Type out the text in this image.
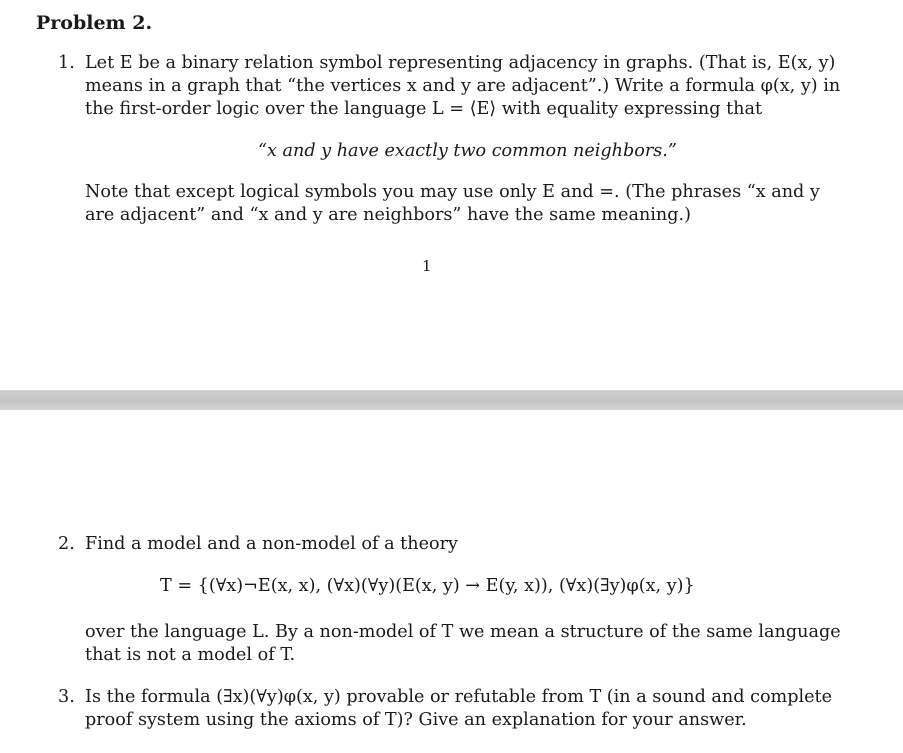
Problem 2.
1. Let E be a binary relation symbol representing adjacency in graphs. (That is, E(x, y)
means in a graph that “the vertices x and y are adjacent”.) Write a formula φ(x, y) in
the first-order logic over the language L = ⟨E⟩ with equality expressing that
“x and y have exactly two common neighbors.”
Note that except logical symbols you may use only E and =. (The phrases “x and y
are adjacent” and “x and y are neighbors” have the same meaning.)
1
2. Find a model and a non-model of a theory
T = {(∀x)¬E(x, x), (∀x)(∀y)(E(x, y) → E(y, x)), (∀x)(∃y)φ(x, y)}
over the language L. By a non-model of T we mean a structure of the same language
that is not a model of T.
3. Is the formula (∃x)(∀y)φ(x, y) provable or refutable from T (in a sound and complete
proof system using the axioms of T)? Give an explanation for your answer.
